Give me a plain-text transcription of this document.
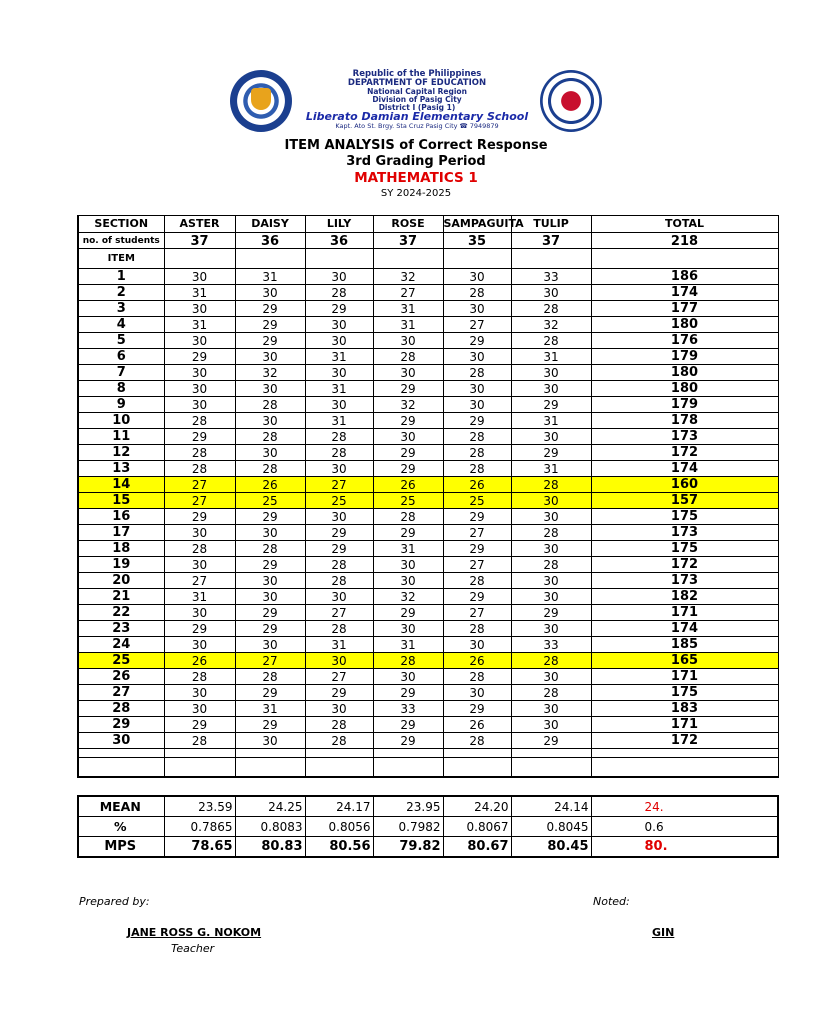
Republic of the Philippines
DEPARTMENT OF EDUCATION
National Capital Region
Division of Pasig City
District I (Pasig 1)
Liberato Damian Elementary School
Kapt. Ato St. Brgy. Sta Cruz Pasig City ☎ 7949879
ITEM ANALYSIS of Correct Response
3rd Grading Period
MATHEMATICS 1
SY 2024-2025
SECTION	ASTER	DAISY	LILY	ROSE	SAMPAGUITA	TULIP	TOTAL
no. of students	37	36	36	37	35	37	218
ITEM							
1	30	31	30	32	30	33	186
2	31	30	28	27	28	30	174
3	30	29	29	31	30	28	177
4	31	29	30	31	27	32	180
5	30	29	30	30	29	28	176
6	29	30	31	28	30	31	179
7	30	32	30	30	28	30	180
8	30	30	31	29	30	30	180
9	30	28	30	32	30	29	179
10	28	30	31	29	29	31	178
11	29	28	28	30	28	30	173
12	28	30	28	29	28	29	172
13	28	28	30	29	28	31	174
14	27	26	27	26	26	28	160
15	27	25	25	25	25	30	157
16	29	29	30	28	29	30	175
17	30	30	29	29	27	28	173
18	28	28	29	31	29	30	175
19	30	29	28	30	27	28	172
20	27	30	28	30	28	30	173
21	31	30	30	32	29	30	182
22	30	29	27	29	27	29	171
23	29	29	28	30	28	30	174
24	30	30	31	31	30	33	185
25	26	27	30	28	26	28	165
26	28	28	27	30	28	30	171
27	30	29	29	29	30	28	175
28	30	31	30	33	29	30	183
29	29	29	28	29	26	30	171
30	28	30	28	29	28	29	172

MEAN	23.59	24.25	24.17	23.95	24.20	24.14	24.
%	0.7865	0.8083	0.8056	0.7982	0.8067	0.8045	0.6
MPS	78.65	80.83	80.56	79.82	80.67	80.45	80.
Prepared by:	Noted:
JANE ROSS G. NOKOM
Teacher
GIN
